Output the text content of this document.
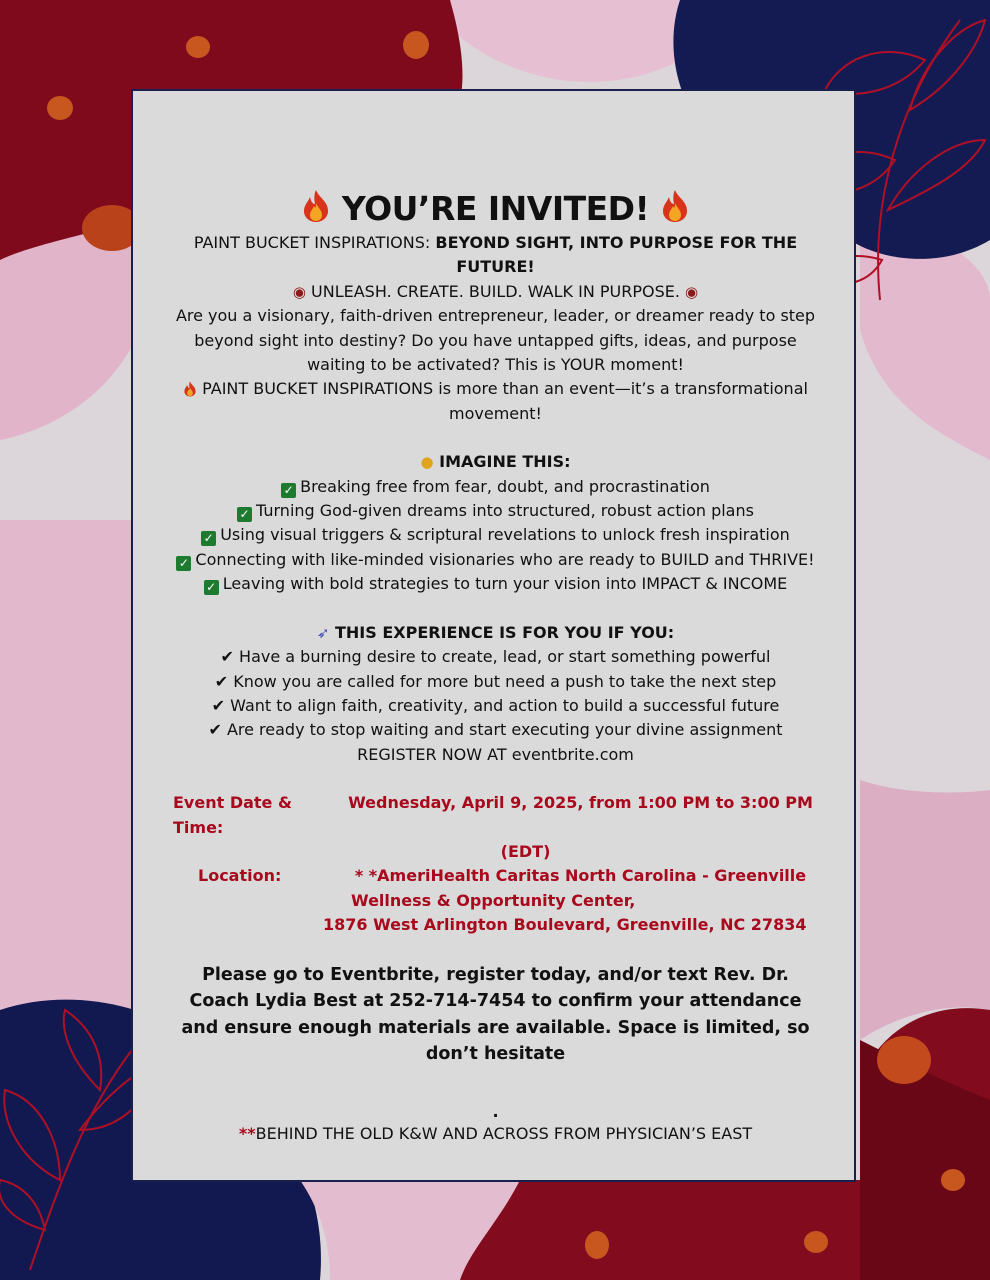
YOU’RE INVITED!

PAINT BUCKET INSPIRATIONS: BEYOND SIGHT, INTO PURPOSE FOR THE FUTURE!

◉ UNLEASH. CREATE. BUILD. WALK IN PURPOSE. ◉

Are you a visionary, faith-driven entrepreneur, leader, or dreamer ready to step beyond sight into destiny? Do you have untapped gifts, ideas, and purpose waiting to be activated? This is YOUR moment!

PAINT BUCKET INSPIRATIONS is more than an event—it’s a transformational movement!

● IMAGINE THIS:

✓ Breaking free from fear, doubt, and procrastination

✓ Turning God-given dreams into structured, robust action plans

✓ Using visual triggers & scriptural revelations to unlock fresh inspiration

✓ Connecting with like-minded visionaries who are ready to BUILD and THRIVE!

✓ Leaving with bold strategies to turn your vision into IMPACT & INCOME

➶ THIS EXPERIENCE IS FOR YOU IF YOU:

✔ Have a burning desire to create, lead, or start something powerful

✔ Know you are called for more but need a push to take the next step

✔ Want to align faith, creativity, and action to build a successful future

✔ Are ready to stop waiting and start executing your divine assignment

REGISTER NOW AT eventbrite.com

Event Date & Time:
Wednesday, April 9, 2025, from 1:00 PM to 3:00 PM
(EDT)
Location:	* *AmeriHealth Caritas North Carolina - Greenville
Wellness & Opportunity Center,
1876 West Arlington Boulevard, Greenville, NC 27834

Please go to Eventbrite, register today, and/or text Rev. Dr. Coach Lydia Best at 252-714-7454 to confirm your attendance and ensure enough materials are available. Space is limited, so don’t hesitate

.

**BEHIND THE OLD K&W AND ACROSS FROM PHYSICIAN’S EAST
